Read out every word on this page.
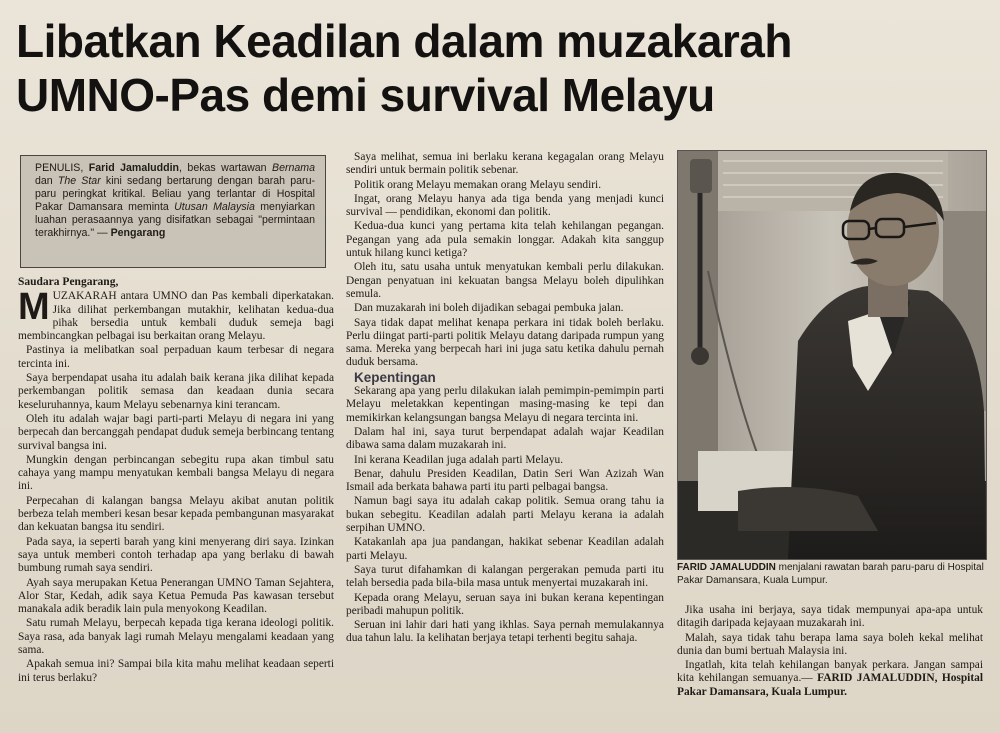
Libatkan Keadilan dalam muzakarah
UMNO-Pas demi survival Melayu
PENULIS, Farid Jamaluddin, bekas wartawan Bernama dan The Star kini sedang bertarung dengan barah paru-paru peringkat kritikal. Beliau yang terlantar di Hospital Pakar Damansara meminta Utusan Malaysia menyiarkan luahan perasaannya yang disifatkan sebagai "permintaan terakhirnya." — Pengarang

Saudara Pengarang,

MUZAKARAH antara UMNO dan Pas kembali diperkatakan. Jika dilihat perkembangan mutakhir, kelihatan kedua-dua pihak bersedia untuk kembali duduk semeja bagi membincangkan pelbagai isu berkaitan orang Melayu.

Pastinya ia melibatkan soal perpaduan kaum terbesar di negara tercinta ini.

Saya berpendapat usaha itu adalah baik kerana jika dilihat kepada perkembangan politik semasa dan keadaan dunia secara keseluruhannya, kaum Melayu sebenarnya kini terancam.

Oleh itu adalah wajar bagi parti-parti Melayu di negara ini yang berpecah dan bercanggah pendapat duduk semeja berbincang tentang survival bangsa ini.

Mungkin dengan perbincangan sebegitu rupa akan timbul satu cahaya yang mampu menyatukan kembali bangsa Melayu di negara ini.

Perpecahan di kalangan bangsa Melayu akibat anutan politik berbeza telah memberi kesan besar kepada pembangunan masyarakat dan kekuatan bangsa itu sendiri.

Pada saya, ia seperti barah yang kini menyerang diri saya. Izinkan saya untuk memberi contoh terhadap apa yang berlaku di bawah bumbung rumah saya sendiri.

Ayah saya merupakan Ketua Penerangan UMNO Taman Sejahtera, Alor Star, Kedah, adik saya Ketua Pemuda Pas kawasan tersebut manakala adik beradik lain pula menyokong Keadilan.

Satu rumah Melayu, berpecah kepada tiga kerana ideologi politik. Saya rasa, ada banyak lagi rumah Melayu mengalami keadaan yang sama.

Apakah semua ini? Sampai bila kita mahu melihat keadaan seperti ini terus berlaku?

Saya melihat, semua ini berlaku kerana kegagalan orang Melayu sendiri untuk bermain politik sebenar.

Politik orang Melayu memakan orang Melayu sendiri.

Ingat, orang Melayu hanya ada tiga benda yang menjadi kunci survival — pendidikan, ekonomi dan politik.

Kedua-dua kunci yang pertama kita telah kehilangan pegangan. Pegangan yang ada pula semakin longgar. Adakah kita sanggup untuk hilang kunci ketiga?

Oleh itu, satu usaha untuk menyatukan kembali perlu dilakukan. Dengan penyatuan ini kekuatan bangsa Melayu boleh dipulihkan semula.

Dan muzakarah ini boleh dijadikan sebagai pembuka jalan.

Saya tidak dapat melihat kenapa perkara ini tidak boleh berlaku. Perlu diingat parti-parti politik Melayu datang daripada rumpun yang sama. Mereka yang berpecah hari ini juga satu ketika dahulu pernah duduk bersama.

Kepentingan

Sekarang apa yang perlu dilakukan ialah pemimpin-pemimpin parti Melayu meletakkan kepentingan masing-masing ke tepi dan memikirkan kelangsungan bangsa Melayu di negara tercinta ini.

Dalam hal ini, saya turut berpendapat adalah wajar Keadilan dibawa sama dalam muzakarah ini.

Ini kerana Keadilan juga adalah parti Melayu.

Benar, dahulu Presiden Keadilan, Datin Seri Wan Azizah Wan Ismail ada berkata bahawa parti itu parti pelbagai bangsa.

Namun bagi saya itu adalah cakap politik. Semua orang tahu ia bukan sebegitu. Keadilan adalah parti Melayu kerana ia adalah serpihan UMNO.

Katakanlah apa jua pandangan, hakikat sebenar Keadilan adalah parti Melayu.

Saya turut difahamkan di kalangan pergerakan pemuda parti itu telah bersedia pada bila-bila masa untuk menyertai muzakarah ini.

Kepada orang Melayu, seruan saya ini bukan kerana kepentingan peribadi mahupun politik.

Seruan ini lahir dari hati yang ikhlas. Saya pernah memulakannya dua tahun lalu. Ia kelihatan berjaya tetapi terhenti begitu sahaja.

FARID JAMALUDDIN menjalani rawatan barah paru-paru di Hospital Pakar Damansara, Kuala Lumpur.

Jika usaha ini berjaya, saya tidak mempunyai apa-apa untuk ditagih daripada kejayaan muzakarah ini.

Malah, saya tidak tahu berapa lama saya boleh kekal melihat dunia dan bumi bertuah Malaysia ini.

Ingatlah, kita telah kehilangan banyak perkara. Jangan sampai kita kehilangan semuanya.— FARID JAMALUDDIN, Hospital Pakar Damansara, Kuala Lumpur.
